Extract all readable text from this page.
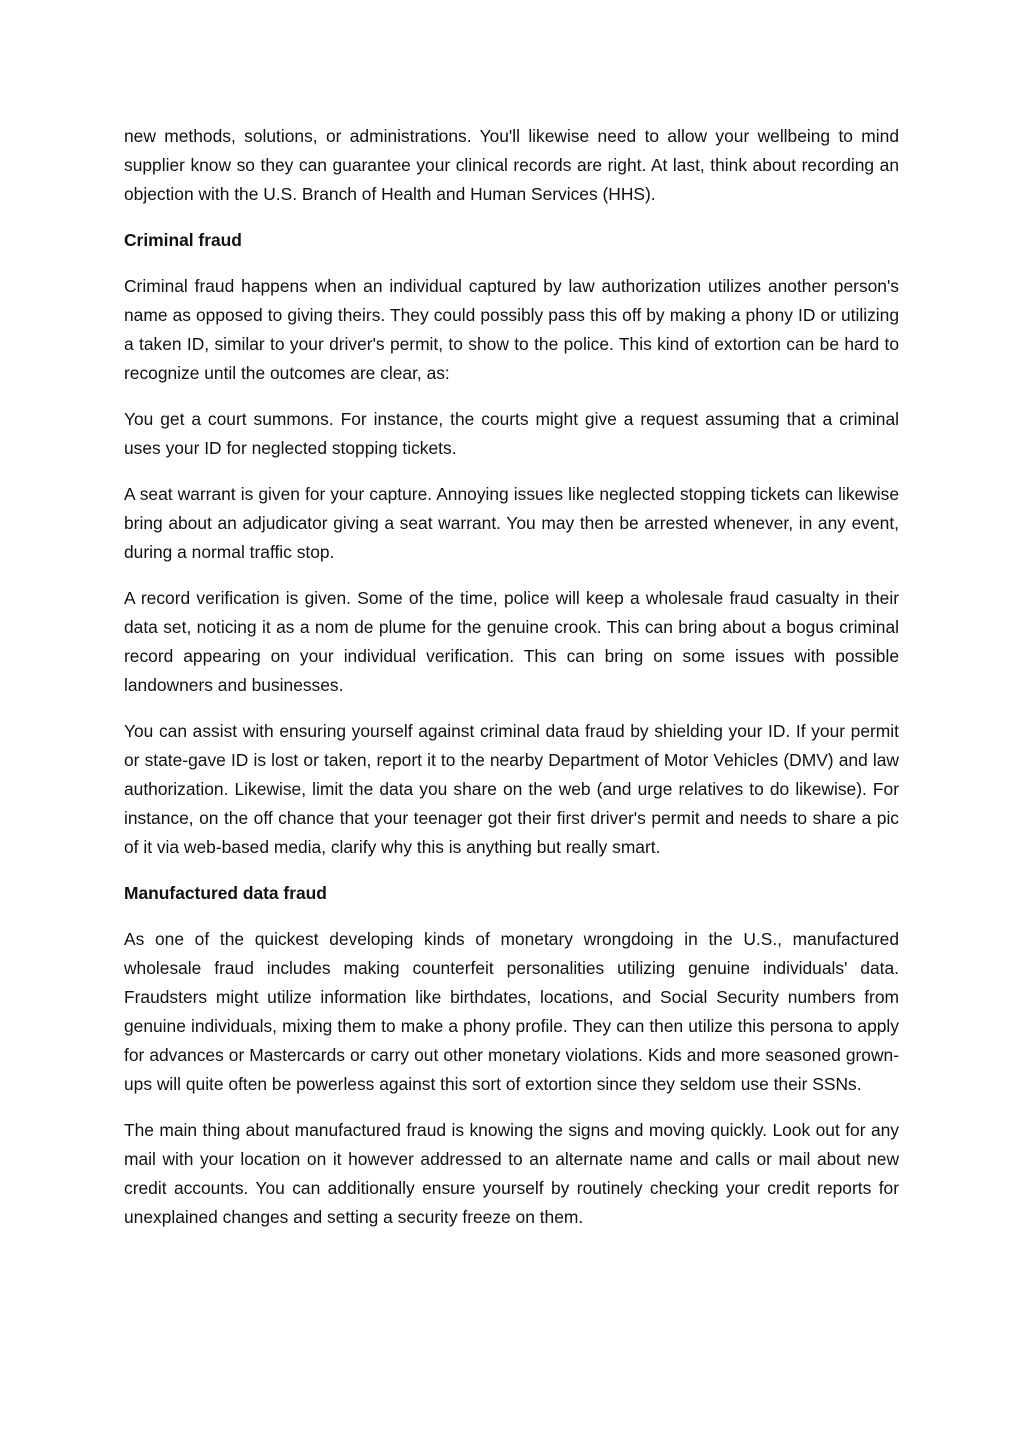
new methods, solutions, or administrations. You'll likewise need to allow your wellbeing to mind supplier know so they can guarantee your clinical records are right. At last, think about recording an objection with the U.S. Branch of Health and Human Services (HHS).

Criminal fraud

Criminal fraud happens when an individual captured by law authorization utilizes another person's name as opposed to giving theirs. They could possibly pass this off by making a phony ID or utilizing a taken ID, similar to your driver's permit, to show to the police. This kind of extortion can be hard to recognize until the outcomes are clear, as:

You get a court summons. For instance, the courts might give a request assuming that a criminal uses your ID for neglected stopping tickets.

A seat warrant is given for your capture. Annoying issues like neglected stopping tickets can likewise bring about an adjudicator giving a seat warrant. You may then be arrested whenever, in any event, during a normal traffic stop.

A record verification is given. Some of the time, police will keep a wholesale fraud casualty in their data set, noticing it as a nom de plume for the genuine crook. This can bring about a bogus criminal record appearing on your individual verification. This can bring on some issues with possible landowners and businesses.

You can assist with ensuring yourself against criminal data fraud by shielding your ID. If your permit or state-gave ID is lost or taken, report it to the nearby Department of Motor Vehicles (DMV) and law authorization. Likewise, limit the data you share on the web (and urge relatives to do likewise). For instance, on the off chance that your teenager got their first driver's permit and needs to share a pic of it via web-based media, clarify why this is anything but really smart.

Manufactured data fraud

As one of the quickest developing kinds of monetary wrongdoing in the U.S., manufactured wholesale fraud includes making counterfeit personalities utilizing genuine individuals' data. Fraudsters might utilize information like birthdates, locations, and Social Security numbers from genuine individuals, mixing them to make a phony profile. They can then utilize this persona to apply for advances or Mastercards or carry out other monetary violations. Kids and more seasoned grown-ups will quite often be powerless against this sort of extortion since they seldom use their SSNs.

The main thing about manufactured fraud is knowing the signs and moving quickly. Look out for any mail with your location on it however addressed to an alternate name and calls or mail about new credit accounts. You can additionally ensure yourself by routinely checking your credit reports for unexplained changes and setting a security freeze on them.
